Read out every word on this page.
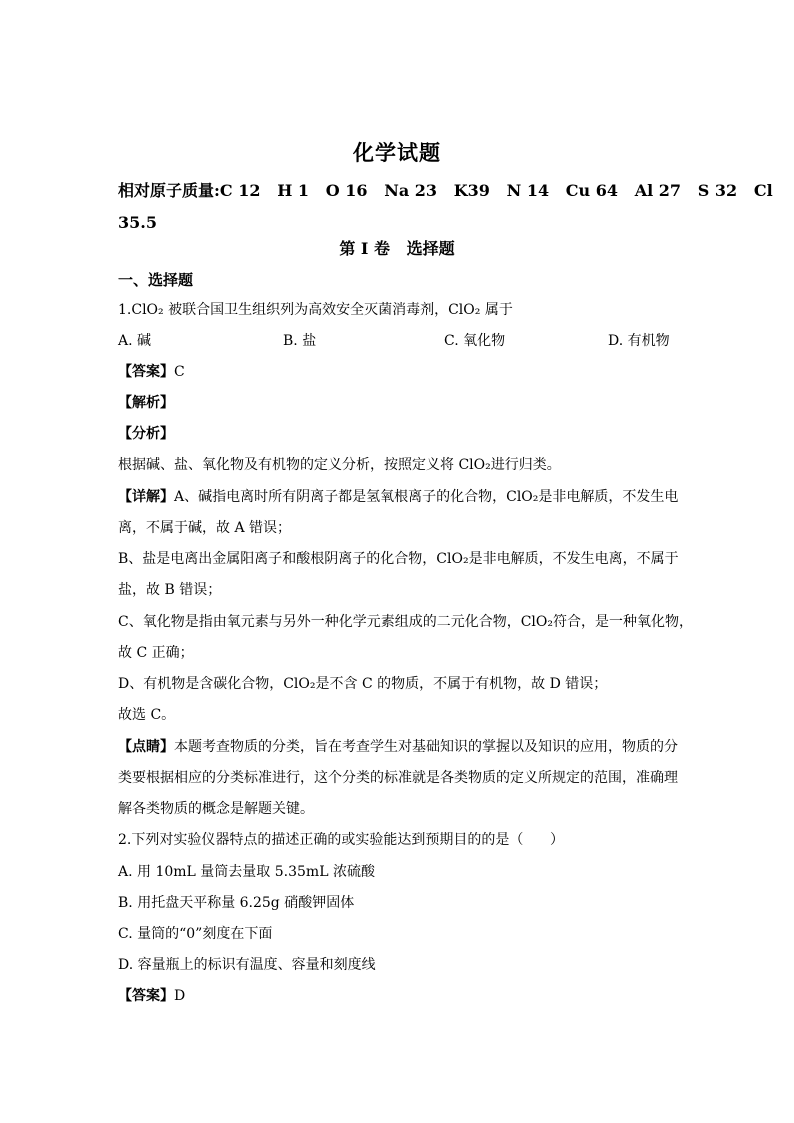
化学试题
相对原子质量:C 12   H 1   O 16   Na 23   K39   N 14   Cu 64   Al 27   S 32   Cl
35.5
第 I 卷   选择题
一、选择题
1.ClO₂ 被联合国卫生组织列为高效安全灭菌消毒剂，ClO₂ 属于
A. 碱	B. 盐	C. 氧化物	D. 有机物
【答案】C
【解析】
【分析】
根据碱、盐、氧化物及有机物的定义分析，按照定义将 ClO₂进行归类。
【详解】A、碱指电离时所有阴离子都是氢氧根离子的化合物，ClO₂是非电解质，不发生电
离，不属于碱，故 A 错误；
B、盐是电离出金属阳离子和酸根阴离子的化合物，ClO₂是非电解质，不发生电离，不属于
盐，故 B 错误；
C、氧化物是指由氧元素与另外一种化学元素组成的二元化合物，ClO₂符合，是一种氧化物，
故 C 正确；
D、有机物是含碳化合物，ClO₂是不含 C 的物质，不属于有机物，故 D 错误；
故选 C。
【点睛】本题考查物质的分类，旨在考查学生对基础知识的掌握以及知识的应用，物质的分
类要根据相应的分类标准进行，这个分类的标准就是各类物质的定义所规定的范围，准确理
解各类物质的概念是解题关键。
2.下列对实验仪器特点的描述正确的或实验能达到预期目的的是（      ）
A. 用 10mL 量筒去量取 5.35mL 浓硫酸
B. 用托盘天平称量 6.25g 硝酸钾固体
C. 量筒的“0”刻度在下面
D. 容量瓶上的标识有温度、容量和刻度线
【答案】D
